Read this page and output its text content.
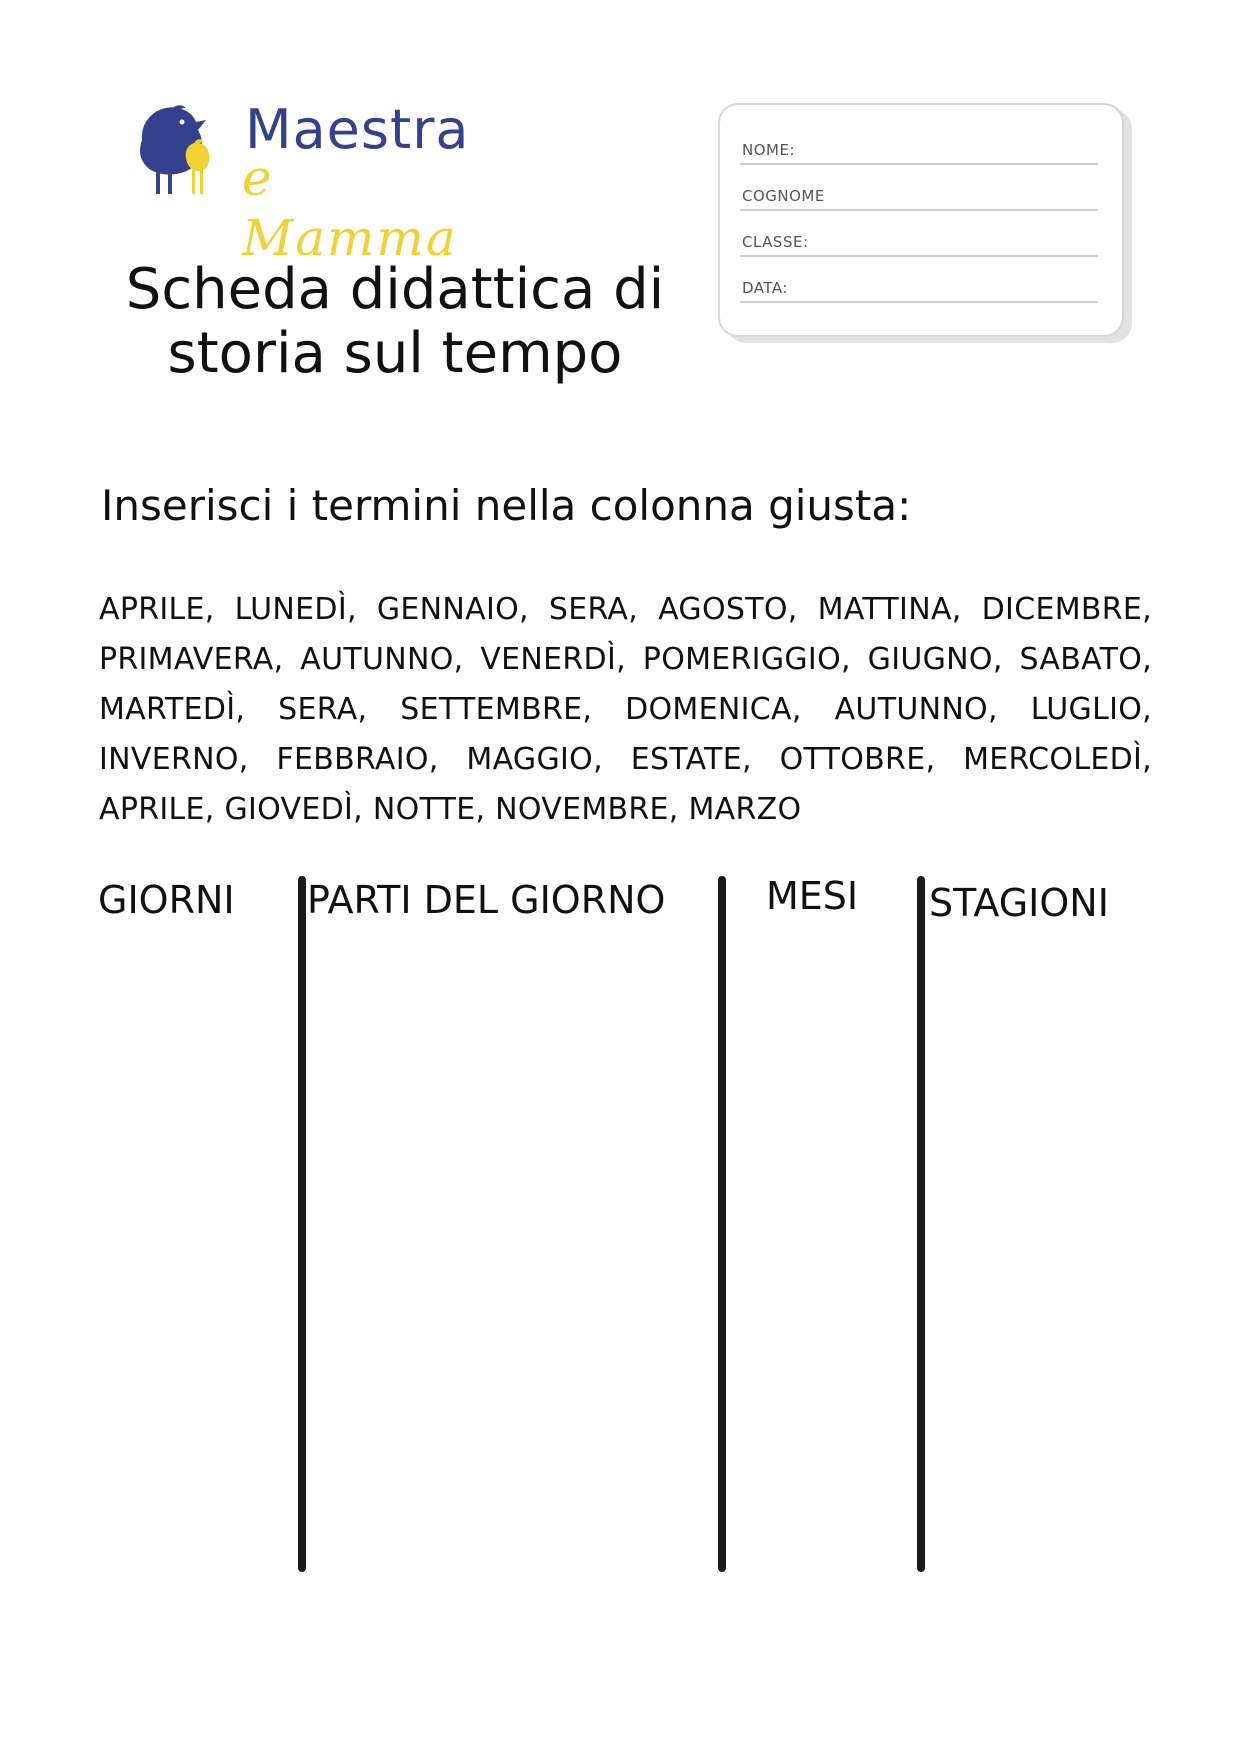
Maestra
e Mamma
Scheda didattica di
storia sul tempo
NOME:
COGNOME
CLASSE:
DATA:
Inserisci i termini nella colonna giusta:
APRILE, LUNEDÌ, GENNAIO, SERA, AGOSTO, MATTINA, DICEMBRE, PRIMAVERA, AUTUNNO, VENERDÌ, POMERIGGIO, GIUGNO, SABATO, MARTEDÌ, SERA, SETTEMBRE, DOMENICA, AUTUNNO, LUGLIO, INVERNO, FEBBRAIO, MAGGIO, ESTATE, OTTOBRE, MERCOLEDÌ, APRILE, GIOVEDÌ, NOTTE, NOVEMBRE, MARZO
GIORNI PARTI DEL GIORNO	MESI STAGIONI
